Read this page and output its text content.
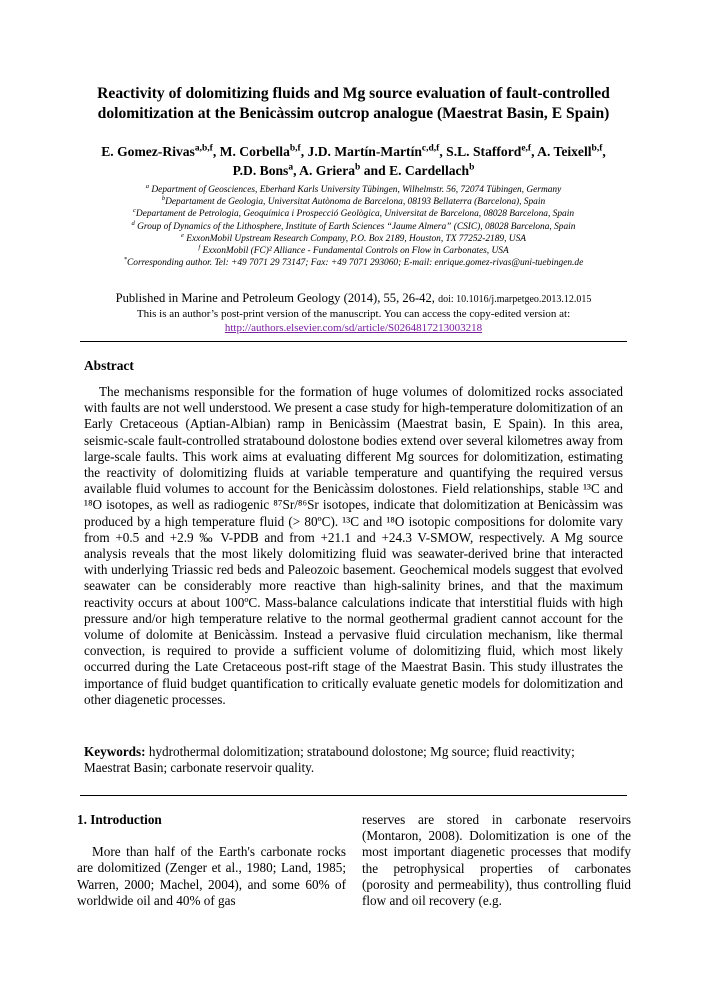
Reactivity of dolomitizing fluids and Mg source evaluation of fault-controlled dolomitization at the Benicàssim outcrop analogue (Maestrat Basin, E Spain)
E. Gomez-Rivas$^{a,b,f}$, M. Corbella$^{b,f}$, J.D. Martín-Martín$^{c,d,f}$, S.L. Stafford$^{e,f}$, A. Teixell$^{b,f}$,
P.D. Bons$^a$, A. Griera$^b$ and E. Cardellach$^b$
$^a$ Department of Geosciences, Eberhard Karls University Tübingen, Wilhelmstr. 56, 72074 Tübingen, Germany
$^b$Departament de Geologia, Universitat Autònoma de Barcelona, 08193 Bellaterra (Barcelona), Spain
$^c$Departament de Petrologia, Geoquímica i Prospecció Geològica, Universitat de Barcelona, 08028 Barcelona, Spain
$^d$ Group of Dynamics of the Lithosphere, Institute of Earth Sciences “Jaume Almera” (CSIC), 08028 Barcelona, Spain
$^e$ ExxonMobil Upstream Research Company, P.O. Box 2189, Houston, TX 77252-2189, USA
$^f$ ExxonMobil (FC)² Alliance - Fundamental Controls on Flow in Carbonates, USA
*Corresponding author. Tel: +49 7071 29 73147; Fax: +49 7071 293060; E-mail: enrique.gomez-rivas@uni-tuebingen.de
Published in Marine and Petroleum Geology (2014), 55, 26-42, doi: 10.1016/j.marpetgeo.2013.12.015
This is an author’s post-print version of the manuscript. You can access the copy-edited version at:
http://authors.elsevier.com/sd/article/S0264817213003218
Abstract

The mechanisms responsible for the formation of huge volumes of dolomitized rocks associated with faults are not well understood. We present a case study for high-temperature dolomitization of an Early Cretaceous (Aptian-Albian) ramp in Benicàssim (Maestrat basin, E Spain). In this area, seismic-scale fault-controlled stratabound dolostone bodies extend over several kilometres away from large-scale faults. This work aims at evaluating different Mg sources for dolomitization, estimating the reactivity of dolomitizing fluids at variable temperature and quantifying the required versus available fluid volumes to account for the Benicàssim dolostones. Field relationships, stable ¹³C and ¹⁸O isotopes, as well as radiogenic ⁸⁷Sr/⁸⁶Sr isotopes, indicate that dolomitization at Benicàssim was produced by a high temperature fluid (> 80ºC). ¹³C and ¹⁸O isotopic compositions for dolomite vary from +0.5 and +2.9 ‰ V-PDB and from +21.1 and +24.3 V-SMOW, respectively. A Mg source analysis reveals that the most likely dolomitizing fluid was seawater-derived brine that interacted with underlying Triassic red beds and Paleozoic basement. Geochemical models suggest that evolved seawater can be considerably more reactive than high-salinity brines, and that the maximum reactivity occurs at about 100ºC. Mass-balance calculations indicate that interstitial fluids with high pressure and/or high temperature relative to the normal geothermal gradient cannot account for the volume of dolomite at Benicàssim. Instead a pervasive fluid circulation mechanism, like thermal convection, is required to provide a sufficient volume of dolomitizing fluid, which most likely occurred during the Late Cretaceous post-rift stage of the Maestrat Basin. This study illustrates the importance of fluid budget quantification to critically evaluate genetic models for dolomitization and other diagenetic processes.

Keywords: hydrothermal dolomitization; stratabound dolostone; Mg source; fluid reactivity; Maestrat Basin; carbonate reservoir quality.

1. Introduction

More than half of the Earth's carbonate rocks are dolomitized (Zenger et al., 1980; Land, 1985; Warren, 2000; Machel, 2004), and some 60% of worldwide oil and 40% of gas

reserves are stored in carbonate reservoirs (Montaron, 2008). Dolomitization is one of the most important diagenetic processes that modify the petrophysical properties of carbonates (porosity and permeability), thus controlling fluid flow and oil recovery (e.g.
